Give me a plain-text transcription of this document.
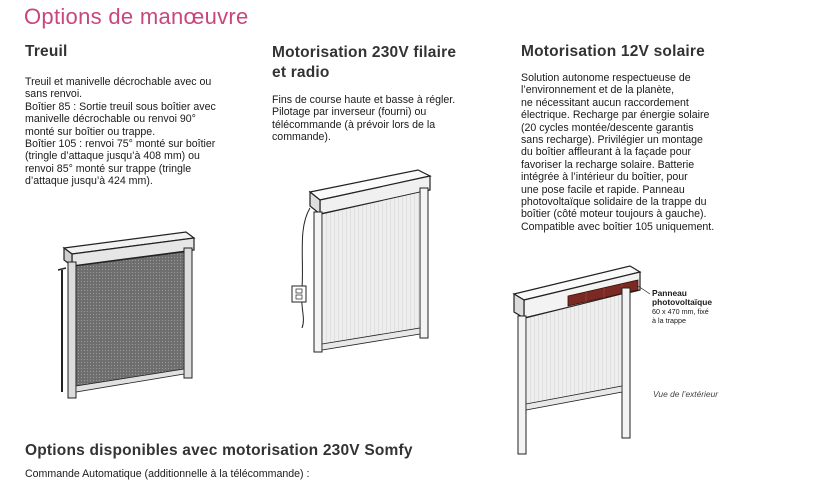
Options de manœuvre
Treuil
Treuil et manivelle décrochable avec ou
sans renvoi.
Boîtier 85 : Sortie treuil sous boîtier avec
manivelle décrochable ou renvoi 90°
monté sur boîtier ou trappe.
Boîtier 105 : renvoi 75° monté sur boîtier
(tringle d’attaque jusqu’à 408 mm) ou
renvoi 85° monté sur trappe (tringle
d’attaque jusqu’à 424 mm).
Motorisation 230V filaire
et radio
Fins de course haute et basse à régler.
Pilotage par inverseur (fourni) ou
télécommande (à prévoir lors de la
commande).
Motorisation 12V solaire
Solution autonome respectueuse de
l’environnement et de la planète,
ne nécessitant aucun raccordement
électrique. Recharge par énergie solaire
(20 cycles montée/descente garantis
sans recharge). Privilégier un montage
du boîtier affleurant à la façade pour
favoriser la recharge solaire. Batterie
intégrée à l’intérieur du boîtier, pour
une pose facile et rapide. Panneau
photovoltaïque solidaire de la trappe du
boîtier (côté moteur toujours à gauche).
Compatible avec boîtier 105 uniquement.
Panneau
photovoltaïque
60 x 470 mm, fixé
à la trappe
Vue de l’extérieur
Options disponibles avec motorisation 230V Somfy
Commande Automatique (additionnelle à la télécommande) :
